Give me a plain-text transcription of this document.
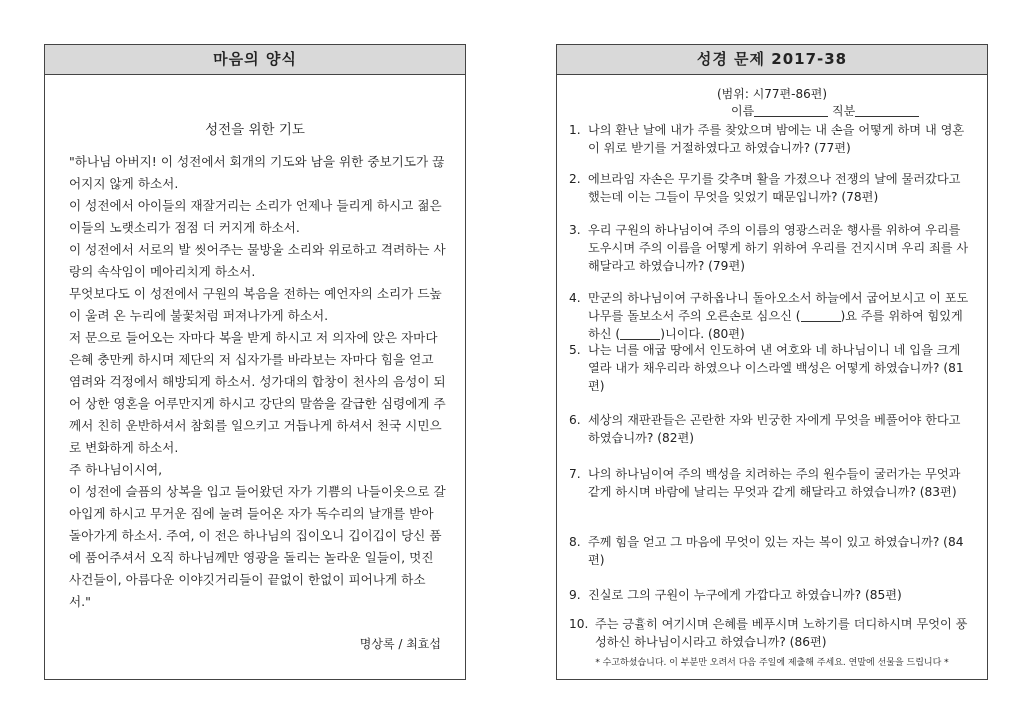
마음의 양식
성전을 위한 기도

"하나님 아버지! 이 성전에서 회개의 기도와 남을 위한 중보기도가 끊어지지 않게 하소서.

이 성전에서 아이들의 재잘거리는 소리가 언제나 들리게 하시고 젊은이들의 노랫소리가 점점 더 커지게 하소서.

이 성전에서 서로의 발 씻어주는 물방울 소리와 위로하고 격려하는 사랑의 속삭임이 메아리치게 하소서.

무엇보다도 이 성전에서 구원의 복음을 전하는 예언자의 소리가 드높이 울려 온 누리에 불꽃처럼 퍼져나가게 하소서.

저 문으로 들어오는 자마다 복을 받게 하시고 저 의자에 앉은 자마다 은혜 충만케 하시며 제단의 저 십자가를 바라보는 자마다 힘을 얻고 염려와 걱정에서 해방되게 하소서. 성가대의 합창이 천사의 음성이 되어 상한 영혼을 어루만지게 하시고 강단의 말씀을 갈급한 심령에게 주께서 친히 운반하셔서 참회를 일으키고 거듭나게 하셔서 천국 시민으로 변화하게 하소서.

주 하나님이시여,

이 성전에 슬픔의 상복을 입고 들어왔던 자가 기쁨의 나들이옷으로 갈아입게 하시고 무거운 짐에 눌려 들어온 자가 독수리의 날개를 받아 돌아가게 하소서. 주여, 이 전은 하나님의 집이오니 깁이깁이 당신 품에 품어주셔서 오직 하나님께만 영광을 돌리는 놀라운 일들이, 멋진 사건들이, 아름다운 이야깃거리들이 끝없이 한없이 피어나게 하소서."

명상록 / 최효섭
성경 문제 2017-38
(범위: 시77편-86편)
이름	직분
1. 나의 환난 날에 내가 주를 찾았으며 밤에는 내 손을 어떻게 하며 내 영혼이 위로 받기를 거절하였다고 하였습니까? (77편)
2. 에브라임 자손은 무기를 갖추며 활을 가졌으나 전쟁의 날에 물러갔다고 했는데 이는 그들이 무엇을 잊었기 때문입니까? (78편)
3. 우리 구원의 하나님이여 주의 이름의 영광스러운 행사를 위하여 우리를 도우시며 주의 이름을 어떻게 하기 위하여 우리를 건지시며 우리 죄를 사해달라고 하였습니까? (79편)
4. 만군의 하나님이여 구하옵나니 돌아오소서 하늘에서 굽어보시고 이 포도나무를 돌보소서 주의 오른손로 심으신 (	)요 주를 위하여 힘있게 하신 (	)니이다. (80편)
5. 나는 너를 애굽 땅에서 인도하여 낸 여호와 네 하나님이니 네 입을 크게 열라 내가 채우리라 하였으나 이스라엘 백성은 어떻게 하였습니까? (81편)
6. 세상의 재판관들은 곤란한 자와 빈궁한 자에게 무엇을 베풀어야 한다고 하였습니까? (82편)
7. 나의 하나님이여 주의 백성을 치려하는 주의 원수들이 굴러가는 무엇과 같게 하시며 바람에 날리는 무엇과 같게 해달라고 하였습니까? (83편)
8. 주께 힘을 얻고 그 마음에 무엇이 있는 자는 복이 있고 하였습니까? (84편)
9. 진실로 그의 구원이 누구에게 가깝다고 하였습니까? (85편)
10. 주는 긍휼히 여기시며 은혜를 베푸시며 노하기를 더디하시며 무엇이 풍성하신 하나님이시라고 하였습니까? (86편)
* 수고하셨습니다. 이 부분만 오려서 다음 주일에 제출해 주세요. 연말에 선물을 드립니다 *
